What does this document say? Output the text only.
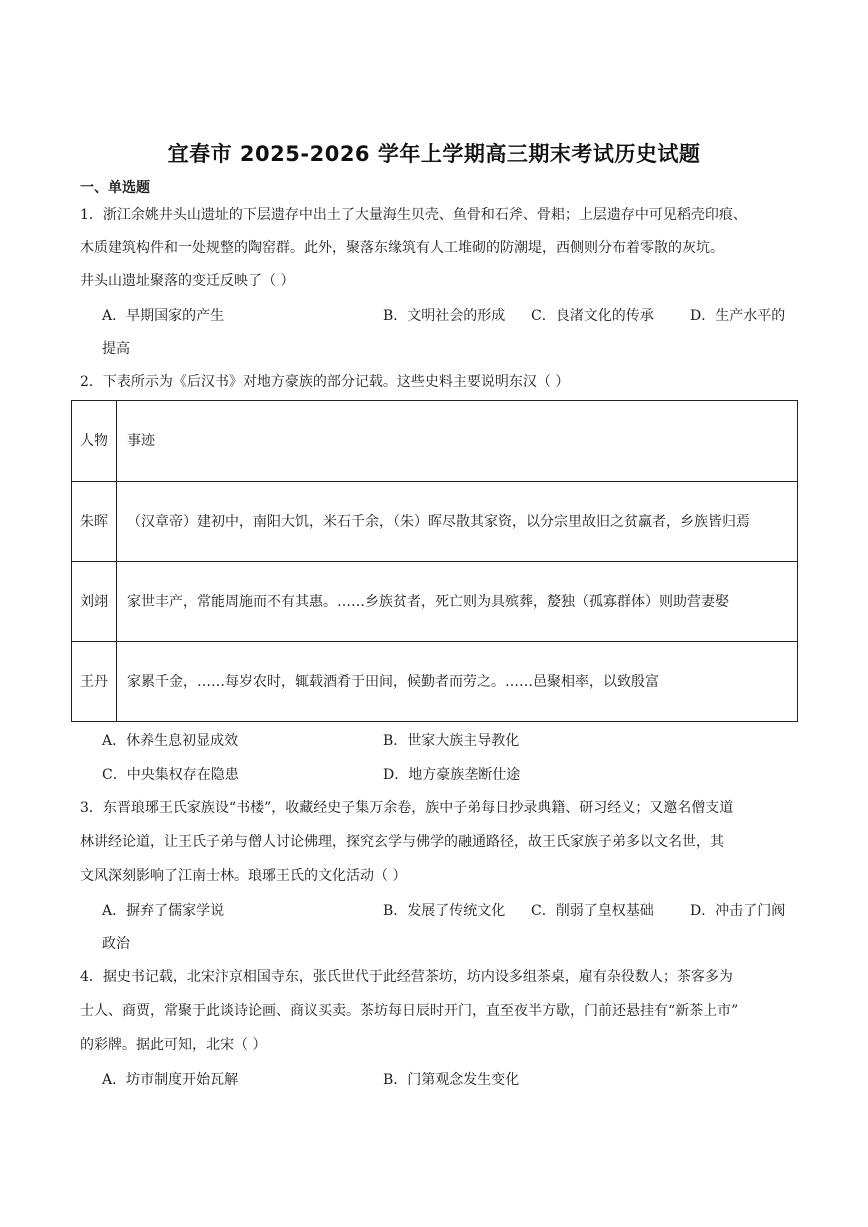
宜春市 2025-2026 学年上学期高三期末考试历史试题
一、单选题
1．浙江余姚井头山遗址的下层遗存中出土了大量海生贝壳、鱼骨和石斧、骨耜；上层遗存中可见稻壳印痕、
木质建筑构件和一处规整的陶窑群。此外，聚落东缘筑有人工堆砌的防潮堤，西侧则分布着零散的灰坑。
井头山遗址聚落的变迁反映了（ ）
A．早期国家的产生	B．文明社会的形成 C．良渚文化的传承	D．生产水平的
提高
2．下表所示为《后汉书》对地方豪族的部分记载。这些史料主要说明东汉（ ）
人物	事迹
朱晖	（汉章帝）建初中，南阳大饥，米石千余，（朱）晖尽散其家资，以分宗里故旧之贫羸者，乡族皆归焉
刘翊	家世丰产，常能周施而不有其惠。……乡族贫者，死亡则为具殡葬，嫠独（孤寡群体）则助营妻娶
王丹	家累千金，……每岁农时，辄载酒肴于田间，候勤者而劳之。……邑聚相率，以致殷富
A．休养生息初显成效	B．世家大族主导教化
C．中央集权存在隐患	D．地方豪族垄断仕途
3．东晋琅琊王氏家族设“书楼”，收藏经史子集万余卷，族中子弟每日抄录典籍、研习经义；又邀名僧支道
林讲经论道，让王氏子弟与僧人讨论佛理，探究玄学与佛学的融通路径，故王氏家族子弟多以文名世，其
文风深刻影响了江南士林。琅琊王氏的文化活动（ ）
A．摒弃了儒家学说	B．发展了传统文化 C．削弱了皇权基础	D．冲击了门阀
政治
4．据史书记载，北宋汴京相国寺东，张氏世代于此经营茶坊，坊内设多组茶桌，雇有杂役数人；茶客多为
士人、商贾，常聚于此谈诗论画、商议买卖。茶坊每日辰时开门，直至夜半方歇，门前还悬挂有“新茶上市”
的彩牌。据此可知，北宋（ ）
A．坊市制度开始瓦解	B．门第观念发生变化
